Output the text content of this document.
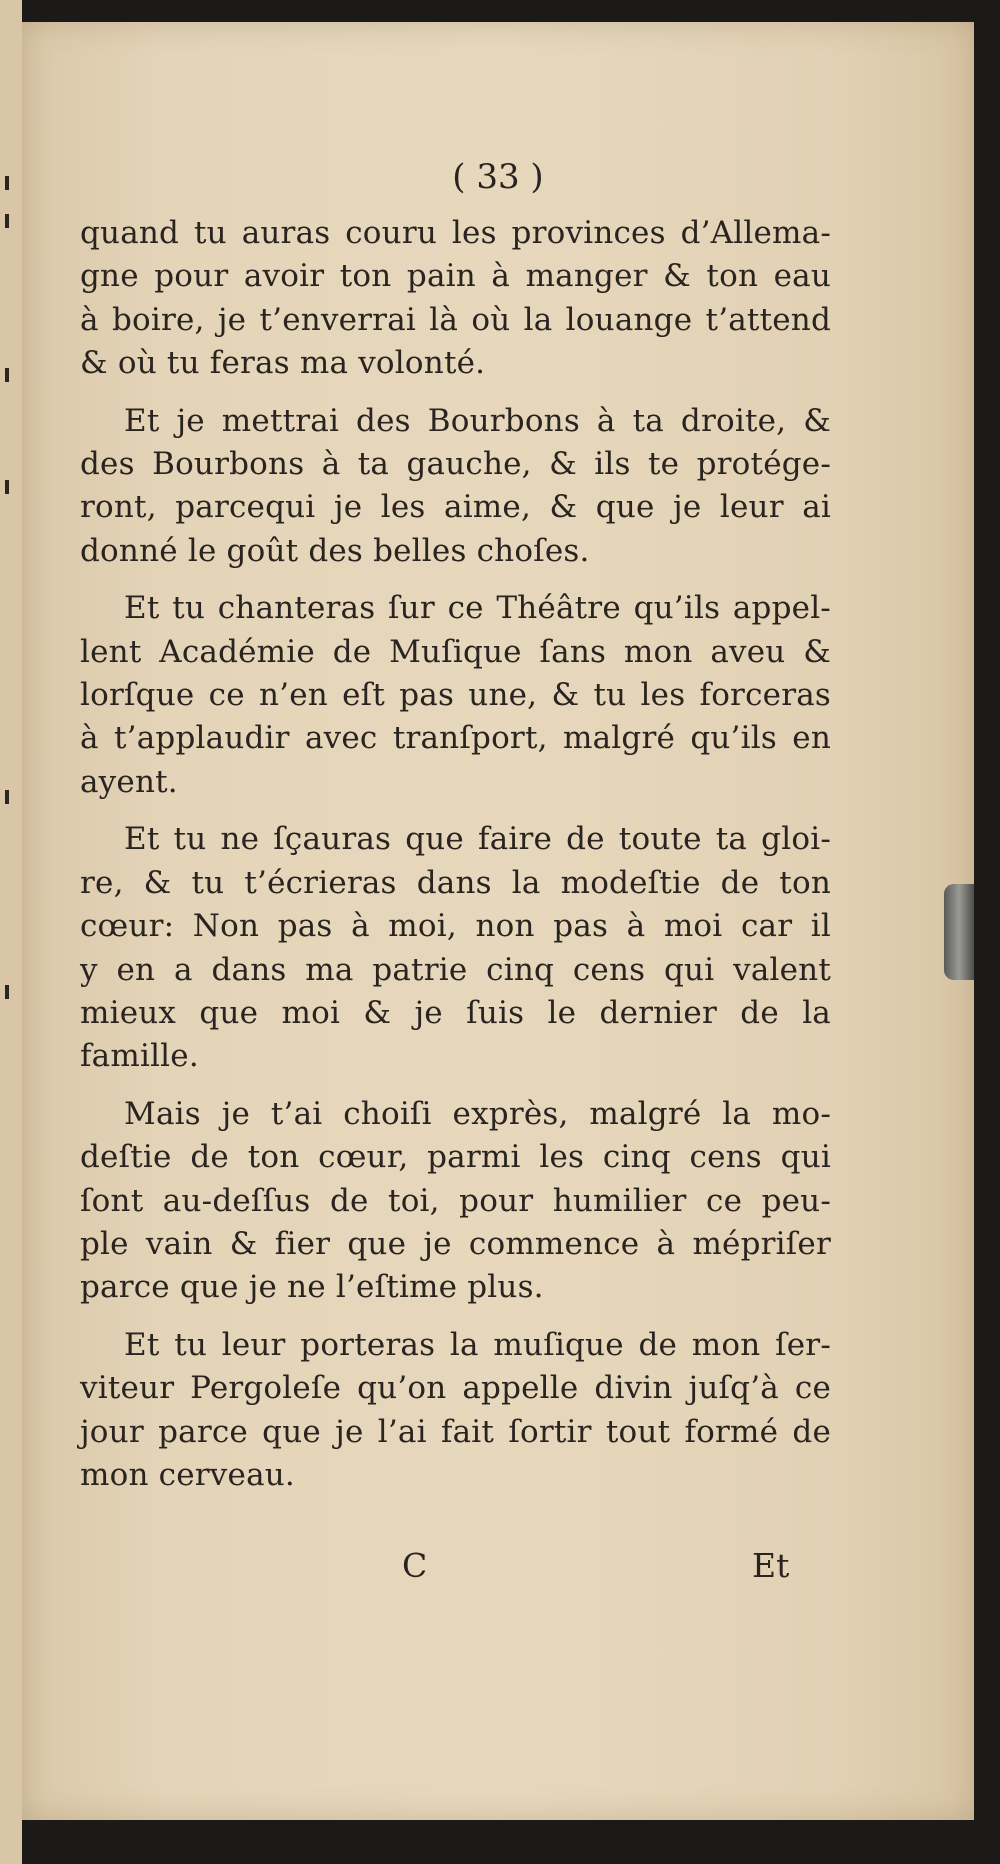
( 33 )
quand tu auras couru les provinces d’Allema-
gne pour avoir ton pain à manger & ton eau
à boire, je t’enverrai là où la louange t’attend
& où tu feras ma volonté.
Et je mettrai des Bourbons à ta droite, &
des Bourbons à ta gauche, & ils te protége-
ront, parcequi je les aime, & que je leur ai
donné le goût des belles choſes.
Et tu chanteras ſur ce Théâtre qu’ils appel-
lent Académie de Muſique ſans mon aveu &
lorſque ce n’en eſt pas une, & tu les forceras
à t’applaudir avec tranſport, malgré qu’ils en
ayent.
Et tu ne ſçauras que faire de toute ta gloi-
re, & tu t’écrieras dans la modeſtie de ton
cœur: Non pas à moi, non pas à moi car il
y en a dans ma patrie cinq cens qui valent
mieux que moi & je ſuis le dernier de la
famille.
Mais je t’ai choiſi exprès, malgré la mo-
deſtie de ton cœur, parmi les cinq cens qui
ſont au-deſſus de toi, pour humilier ce peu-
ple vain & fier que je commence à mépriſer
parce que je ne l’eſtime plus.
Et tu leur porteras la muſique de mon ſer-
viteur Pergoleſe qu’on appelle divin juſq’à ce
jour parce que je l’ai fait ſortir tout formé de
mon cerveau.
C	Et
